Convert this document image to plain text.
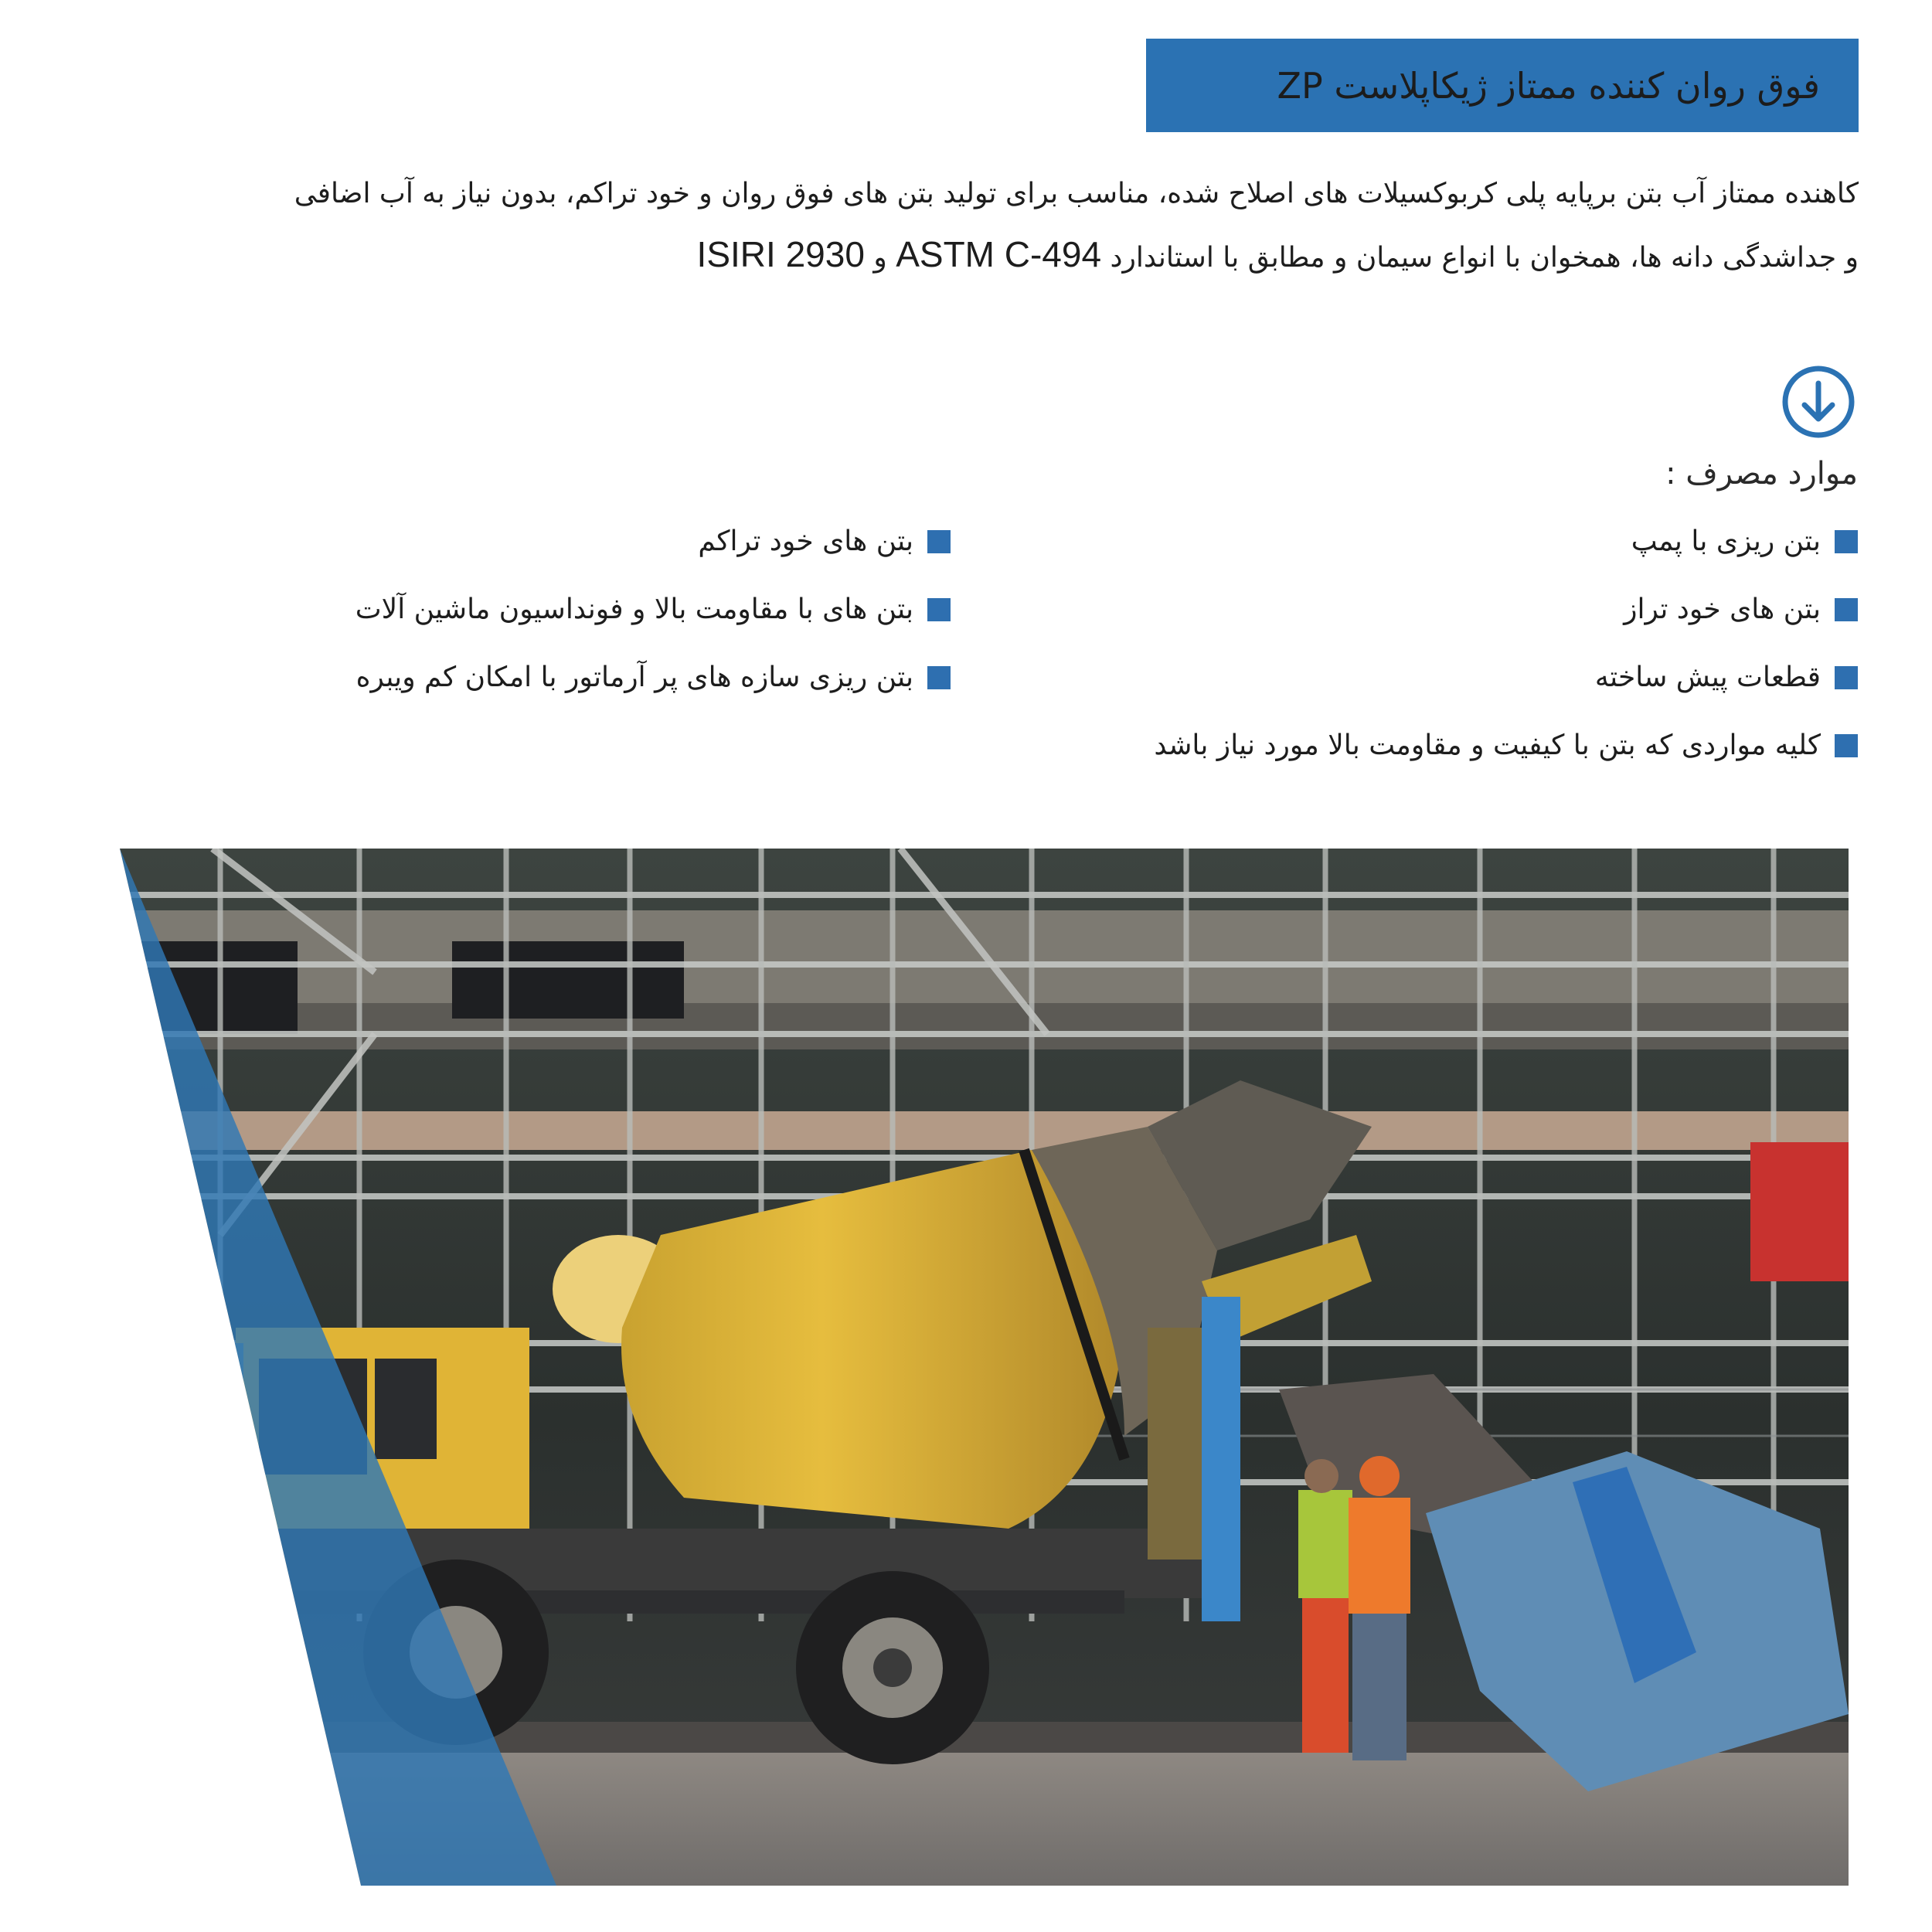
فوق روان کننده ممتاز ژیکاپلاست ZP
کاهنده ممتاز آب بتن برپایه پلی کربوکسیلات های اصلاح شده، مناسب برای تولید بتن های فوق روان و خود تراکم، بدون نیاز به آب اضافی
و جداشدگی دانه ها، همخوان با انواع سیمان و مطابق با استاندارد ASTM C-494 و ISIRI 2930
موارد مصرف :
بتن ریزی با پمپ
بتن های خود تراز
قطعات پیش ساخته
کلیه مواردی که بتن با کیفیت و مقاومت بالا مورد نیاز باشد
بتن های خود تراکم
بتن های با مقاومت بالا و فونداسیون ماشین آلات
بتن ریزی سازه های پر آرماتور با امکان کم ویبره
